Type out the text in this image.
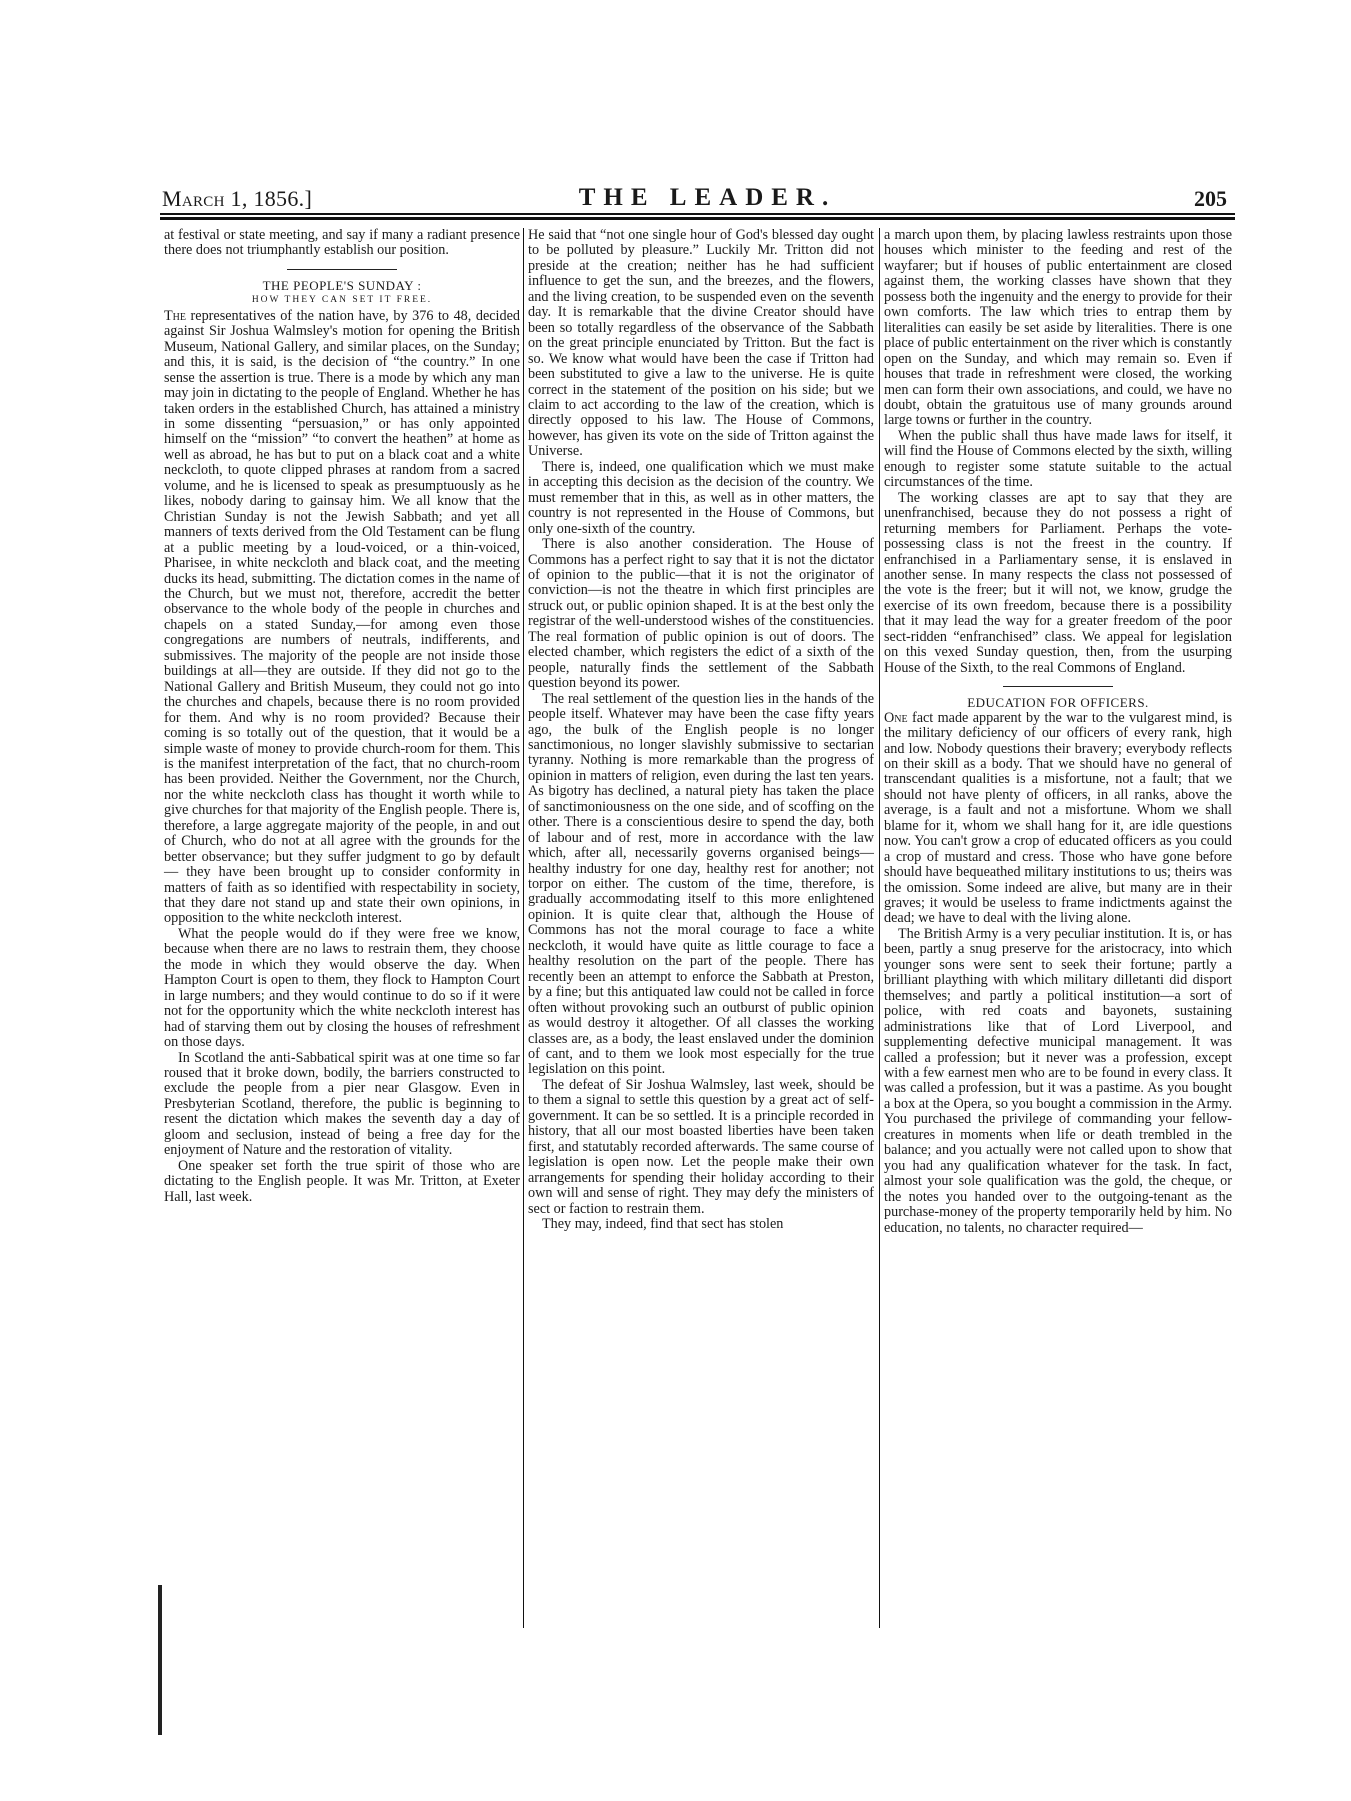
March 1, 1856.]	THE LEADER.	205

at festival or state meeting, and say if many a radiant presence there does not triumphantly establish our position.

THE PEOPLE'S SUNDAY :

HOW THEY CAN SET IT FREE.

The representatives of the nation have, by 376 to 48, decided against Sir Joshua Walmsley's motion for opening the British Museum, National Gallery, and similar places, on the Sunday; and this, it is said, is the decision of “the country.” In one sense the assertion is true. There is a mode by which any man may join in dictating to the people of England. Whether he has taken orders in the established Church, has attained a ministry in some dissenting “persuasion,” or has only appointed himself on the “mission” “to convert the heathen” at home as well as abroad, he has but to put on a black coat and a white neckcloth, to quote clipped phrases at random from a sacred volume, and he is licensed to speak as presumptuously as he likes, nobody daring to gainsay him. We all know that the Christian Sunday is not the Jewish Sabbath; and yet all manners of texts derived from the Old Testament can be flung at a public meeting by a loud-voiced, or a thin-voiced, Pharisee, in white neckcloth and black coat, and the meeting ducks its head, submitting. The dictation comes in the name of the Church, but we must not, therefore, accredit the better observance to the whole body of the people in churches and chapels on a stated Sunday,—for among even those congregations are numbers of neutrals, indifferents, and submissives. The majority of the people are not inside those buildings at all—they are outside. If they did not go to the National Gallery and British Museum, they could not go into the churches and chapels, because there is no room provided for them. And why is no room provided? Because their coming is so totally out of the question, that it would be a simple waste of money to provide church-room for them. This is the manifest interpretation of the fact, that no church-room has been provided. Neither the Government, nor the Church, nor the white neckcloth class has thought it worth while to give churches for that majority of the English people. There is, therefore, a large aggregate majority of the people, in and out of Church, who do not at all agree with the grounds for the better observance; but they suffer judgment to go by default — they have been brought up to consider conformity in matters of faith as so identified with respectability in society, that they dare not stand up and state their own opinions, in opposition to the white neckcloth interest.

What the people would do if they were free we know, because when there are no laws to restrain them, they choose the mode in which they would observe the day. When Hampton Court is open to them, they flock to Hampton Court in large numbers; and they would continue to do so if it were not for the opportunity which the white neckcloth interest has had of starving them out by closing the houses of refreshment on those days.

In Scotland the anti-Sabbatical spirit was at one time so far roused that it broke down, bodily, the barriers constructed to exclude the people from a pier near Glasgow. Even in Presbyterian Scotland, therefore, the public is beginning to resent the dictation which makes the seventh day a day of gloom and seclusion, instead of being a free day for the enjoyment of Nature and the restoration of vitality.

One speaker set forth the true spirit of those who are dictating to the English people. It was Mr. Tritton, at Exeter Hall, last week.

He said that “not one single hour of God's blessed day ought to be polluted by pleasure.” Luckily Mr. Tritton did not preside at the creation; neither has he had sufficient influence to get the sun, and the breezes, and the flowers, and the living creation, to be suspended even on the seventh day. It is remarkable that the divine Creator should have been so totally regardless of the observance of the Sabbath on the great principle enunciated by Tritton. But the fact is so. We know what would have been the case if Tritton had been substituted to give a law to the universe. He is quite correct in the statement of the position on his side; but we claim to act according to the law of the creation, which is directly opposed to his law. The House of Commons, however, has given its vote on the side of Tritton against the Universe.

There is, indeed, one qualification which we must make in accepting this decision as the decision of the country. We must remember that in this, as well as in other matters, the country is not represented in the House of Commons, but only one-sixth of the country.

There is also another consideration. The House of Commons has a perfect right to say that it is not the dictator of opinion to the public—that it is not the originator of conviction—is not the theatre in which first principles are struck out, or public opinion shaped. It is at the best only the registrar of the well-understood wishes of the constituencies. The real formation of public opinion is out of doors. The elected chamber, which registers the edict of a sixth of the people, naturally finds the settlement of the Sabbath question beyond its power.

The real settlement of the question lies in the hands of the people itself. Whatever may have been the case fifty years ago, the bulk of the English people is no longer sanctimonious, no longer slavishly submissive to sectarian tyranny. Nothing is more remarkable than the progress of opinion in matters of religion, even during the last ten years. As bigotry has declined, a natural piety has taken the place of sanctimoniousness on the one side, and of scoffing on the other. There is a conscientious desire to spend the day, both of labour and of rest, more in accordance with the law which, after all, necessarily governs organised beings—healthy industry for one day, healthy rest for another; not torpor on either. The custom of the time, therefore, is gradually accommodating itself to this more enlightened opinion. It is quite clear that, although the House of Commons has not the moral courage to face a white neckcloth, it would have quite as little courage to face a healthy resolution on the part of the people. There has recently been an attempt to enforce the Sabbath at Preston, by a fine; but this antiquated law could not be called in force often without provoking such an outburst of public opinion as would destroy it altogether. Of all classes the working classes are, as a body, the least enslaved under the dominion of cant, and to them we look most especially for the true legislation on this point.

The defeat of Sir Joshua Walmsley, last week, should be to them a signal to settle this question by a great act of self-government. It can be so settled. It is a principle recorded in history, that all our most boasted liberties have been taken first, and statutably recorded afterwards. The same course of legislation is open now. Let the people make their own arrangements for spending their holiday according to their own will and sense of right. They may defy the ministers of sect or faction to restrain them.

They may, indeed, find that sect has stolen

a march upon them, by placing lawless restraints upon those houses which minister to the feeding and rest of the wayfarer; but if houses of public entertainment are closed against them, the working classes have shown that they possess both the ingenuity and the energy to provide for their own comforts. The law which tries to entrap them by literalities can easily be set aside by literalities. There is one place of public entertainment on the river which is constantly open on the Sunday, and which may remain so. Even if houses that trade in refreshment were closed, the working men can form their own associations, and could, we have no doubt, obtain the gratuitous use of many grounds around large towns or further in the country.

When the public shall thus have made laws for itself, it will find the House of Commons elected by the sixth, willing enough to register some statute suitable to the actual circumstances of the time.

The working classes are apt to say that they are unenfranchised, because they do not possess a right of returning members for Parliament. Perhaps the vote-possessing class is not the freest in the country. If enfranchised in a Parliamentary sense, it is enslaved in another sense. In many respects the class not possessed of the vote is the freer; but it will not, we know, grudge the exercise of its own freedom, because there is a possibility that it may lead the way for a greater freedom of the poor sect-ridden “enfranchised” class. We appeal for legislation on this vexed Sunday question, then, from the usurping House of the Sixth, to the real Commons of England.

EDUCATION FOR OFFICERS.

One fact made apparent by the war to the vulgarest mind, is the military deficiency of our officers of every rank, high and low. Nobody questions their bravery; everybody reflects on their skill as a body. That we should have no general of transcendant qualities is a misfortune, not a fault; that we should not have plenty of officers, in all ranks, above the average, is a fault and not a misfortune. Whom we shall blame for it, whom we shall hang for it, are idle questions now. You can't grow a crop of educated officers as you could a crop of mustard and cress. Those who have gone before should have bequeathed military institutions to us; theirs was the omission. Some indeed are alive, but many are in their graves; it would be useless to frame indictments against the dead; we have to deal with the living alone.

The British Army is a very peculiar institution. It is, or has been, partly a snug preserve for the aristocracy, into which younger sons were sent to seek their fortune; partly a brilliant plaything with which military dilletanti did disport themselves; and partly a political institution—a sort of police, with red coats and bayonets, sustaining administrations like that of Lord Liverpool, and supplementing defective municipal management. It was called a profession; but it never was a profession, except with a few earnest men who are to be found in every class. It was called a profession, but it was a pastime. As you bought a box at the Opera, so you bought a commission in the Army. You purchased the privilege of commanding your fellow-creatures in moments when life or death trembled in the balance; and you actually were not called upon to show that you had any qualification whatever for the task. In fact, almost your sole qualification was the gold, the cheque, or the notes you handed over to the outgoing-tenant as the purchase-money of the property temporarily held by him. No education, no talents, no character required—
